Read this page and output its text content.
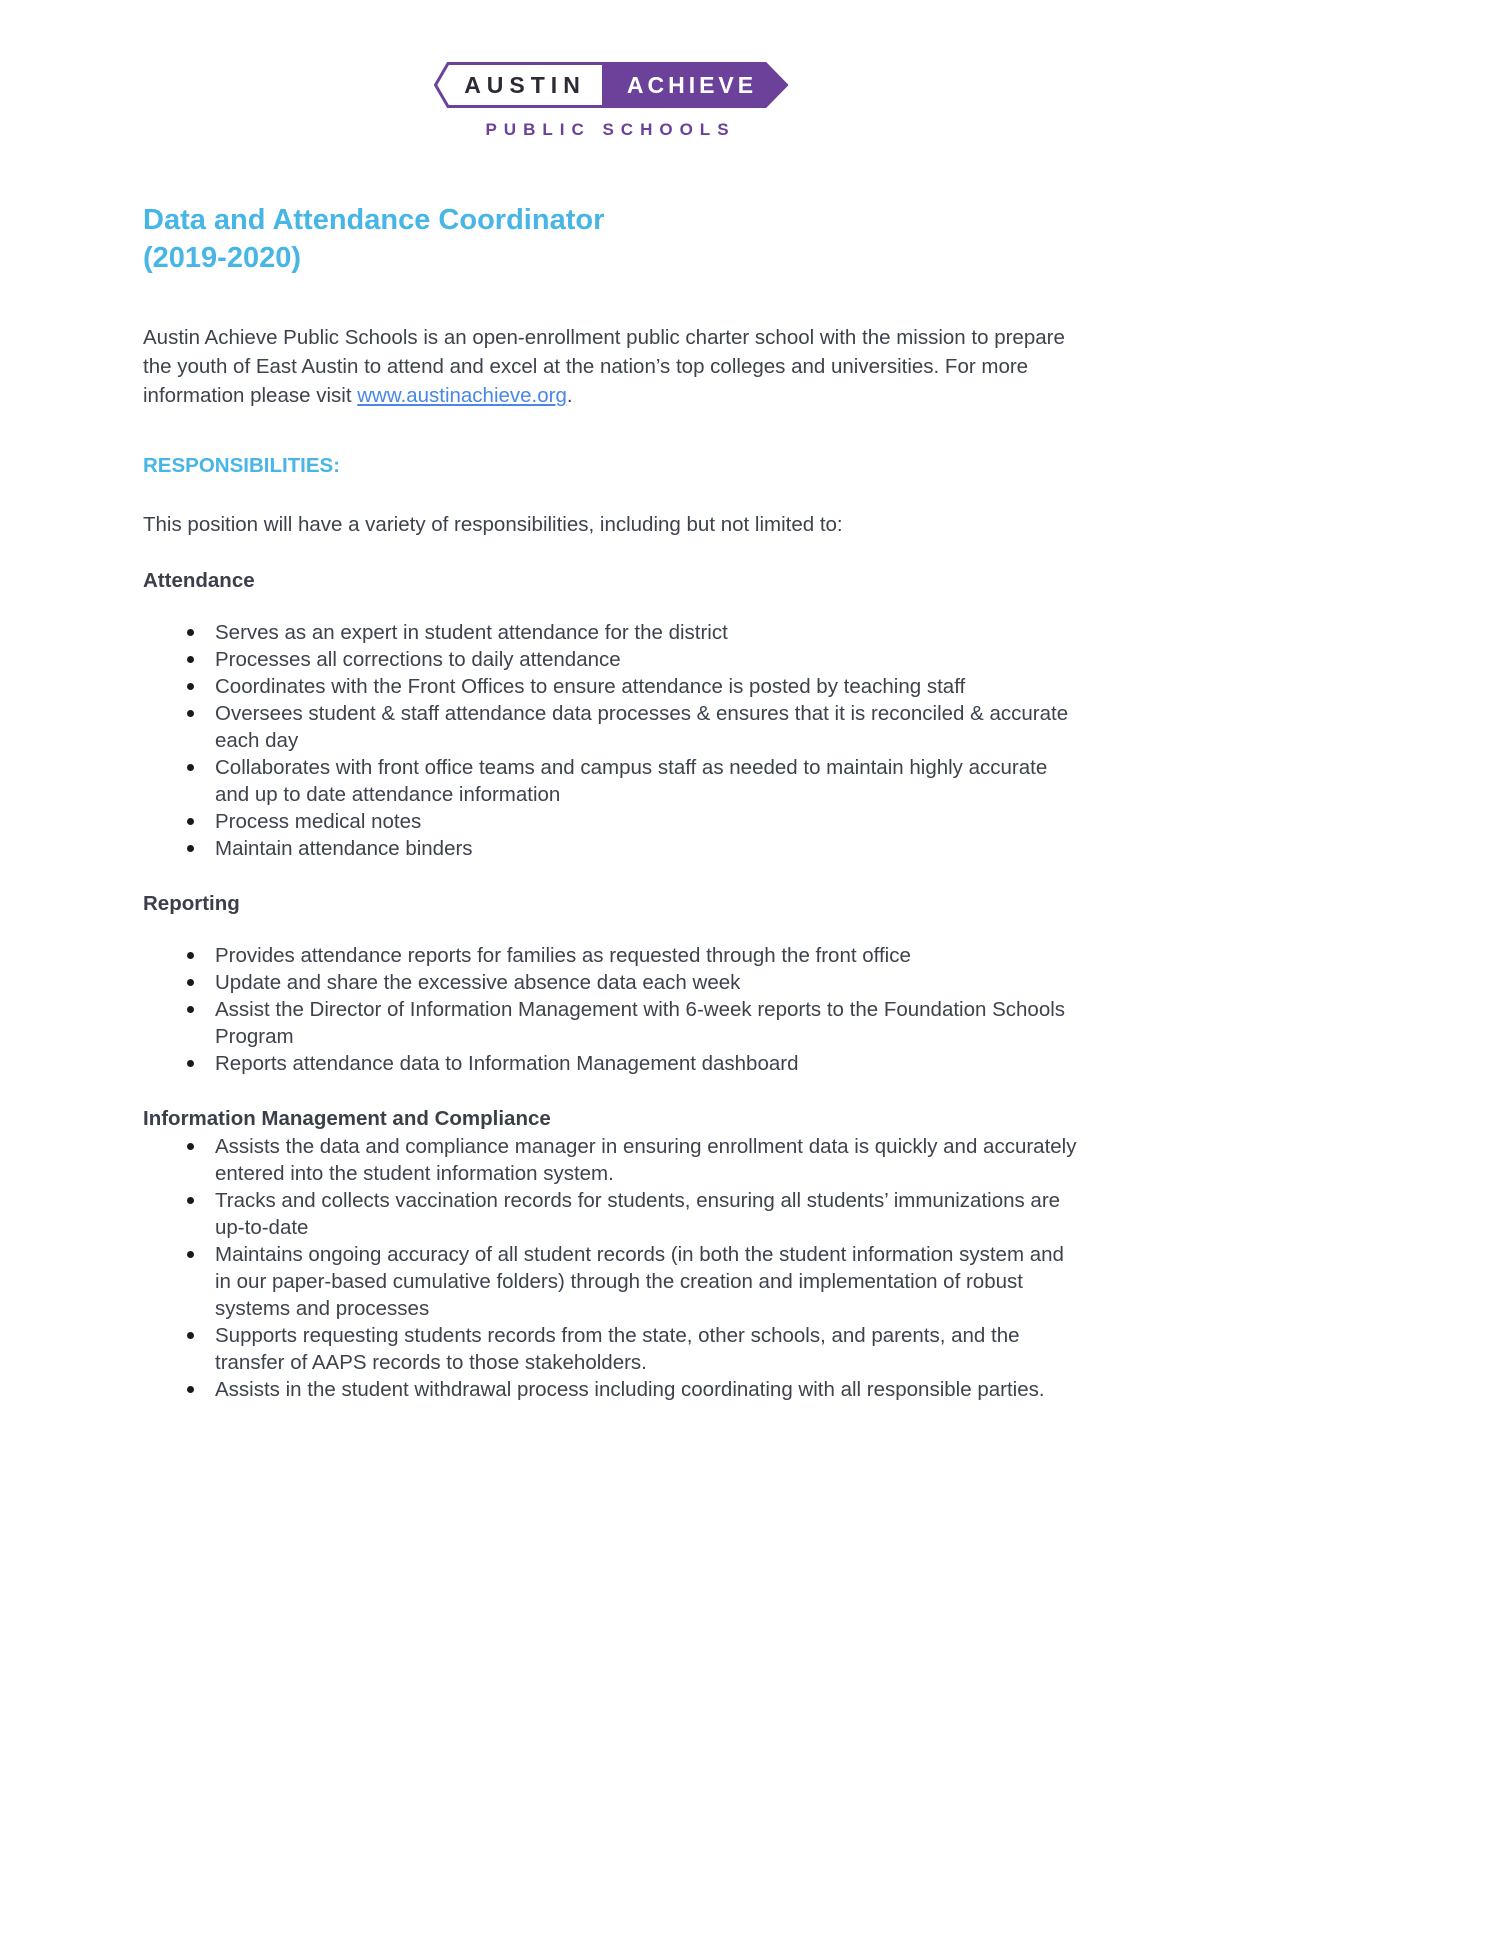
AUSTIN ACHIEVE
PUBLIC SCHOOLS
Data and Attendance Coordinator
(2019-2020)

Austin Achieve Public Schools is an open-enrollment public charter school with the mission to prepare the youth of East Austin to attend and excel at the nation’s top colleges and universities. For more information please visit www.austinachieve.org.

RESPONSIBILITIES:

This position will have a variety of responsibilities, including but not limited to:

Attendance
Serves as an expert in student attendance for the district
Processes all corrections to daily attendance
Coordinates with the Front Offices to ensure attendance is posted by teaching staff
Oversees student & staff attendance data processes & ensures that it is reconciled & accurate each day
Collaborates with front office teams and campus staff as needed to maintain highly accurate and up to date attendance information
Process medical notes
Maintain attendance binders
Reporting
Provides attendance reports for families as requested through the front office
Update and share the excessive absence data each week
Assist the Director of Information Management with 6-week reports to the Foundation Schools Program
Reports attendance data to Information Management dashboard
Information Management and Compliance
Assists the data and compliance manager in ensuring enrollment data is quickly and accurately entered into the student information system.
Tracks and collects vaccination records for students, ensuring all students’ immunizations are up-to-date
Maintains ongoing accuracy of all student records (in both the student information system and in our paper-based cumulative folders) through the creation and implementation of robust systems and processes
Supports requesting students records from the state, other schools, and parents, and the transfer of AAPS records to those stakeholders.
Assists in the student withdrawal process including coordinating with all responsible parties.
